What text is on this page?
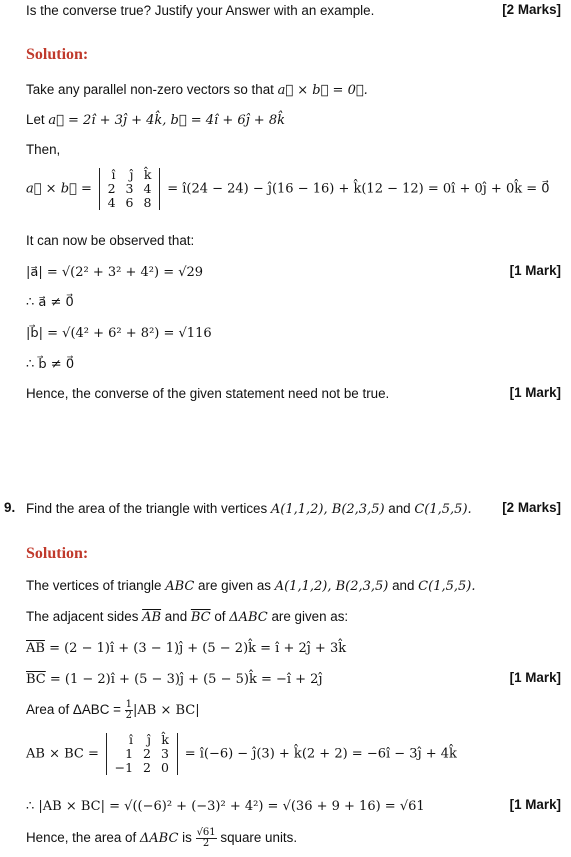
Is the converse true? Justify your Answer with an example.	[2 Marks]
Solution:
Take any parallel non-zero vectors so that a⃗ × b⃗ = 0⃗.
Let a⃗ = 2î + 3ĵ + 4k̂, b⃗ = 4î + 6ĵ + 8k̂
Then,
a⃗ × b⃗ =
î	ĵ	k̂
2	3	4
4	6	8
= î(24 − 24) − ĵ(16 − 16) + k̂(12 − 12) = 0î + 0ĵ + 0k̂ = 0⃗
It can now be observed that:
|a⃗| = √(2² + 3² + 4²) = √29	[1 Mark]
∴ a⃗ ≠ 0⃗
|b⃗| = √(4² + 6² + 8²) = √116
∴ b⃗ ≠ 0⃗
Hence, the converse of the given statement need not be true.	[1 Mark]
9. Find the area of the triangle with vertices A(1,1,2), B(2,3,5) and C(1,5,5).	[2 Marks]
Solution:
The vertices of triangle ABC are given as A(1,1,2), B(2,3,5) and C(1,5,5).
The adjacent sides $\overline{AB}$ and $\overline{BC}$ of ΔABC are given as:
$\overline{AB} = (2$ − 1)î + (3 − 1)ĵ + (5 − 2)k̂ = î + 2ĵ + 3k̂
$\overline{BC} = (1$ − 2)î + (5 − 3)ĵ + (5 − 5)k̂ = −î + 2ĵ	[1 Mark]
Area of $\Delta ABC = \frac{1}{2} |AB \times BC|$
AB × BC =
î	ĵ	k̂
1	2	3
−1	2	0
= î(−6) − ĵ(3) + k̂(2 + 2) = −6î − 3ĵ + 4k̂
∴ |AB × BC| = √((−6)² + (−3)² + 4²) = √(36 + 9 + 16) = √61	[1 Mark]
Hence, the area of ΔABC is $\frac{√61}{2}$ square units.
